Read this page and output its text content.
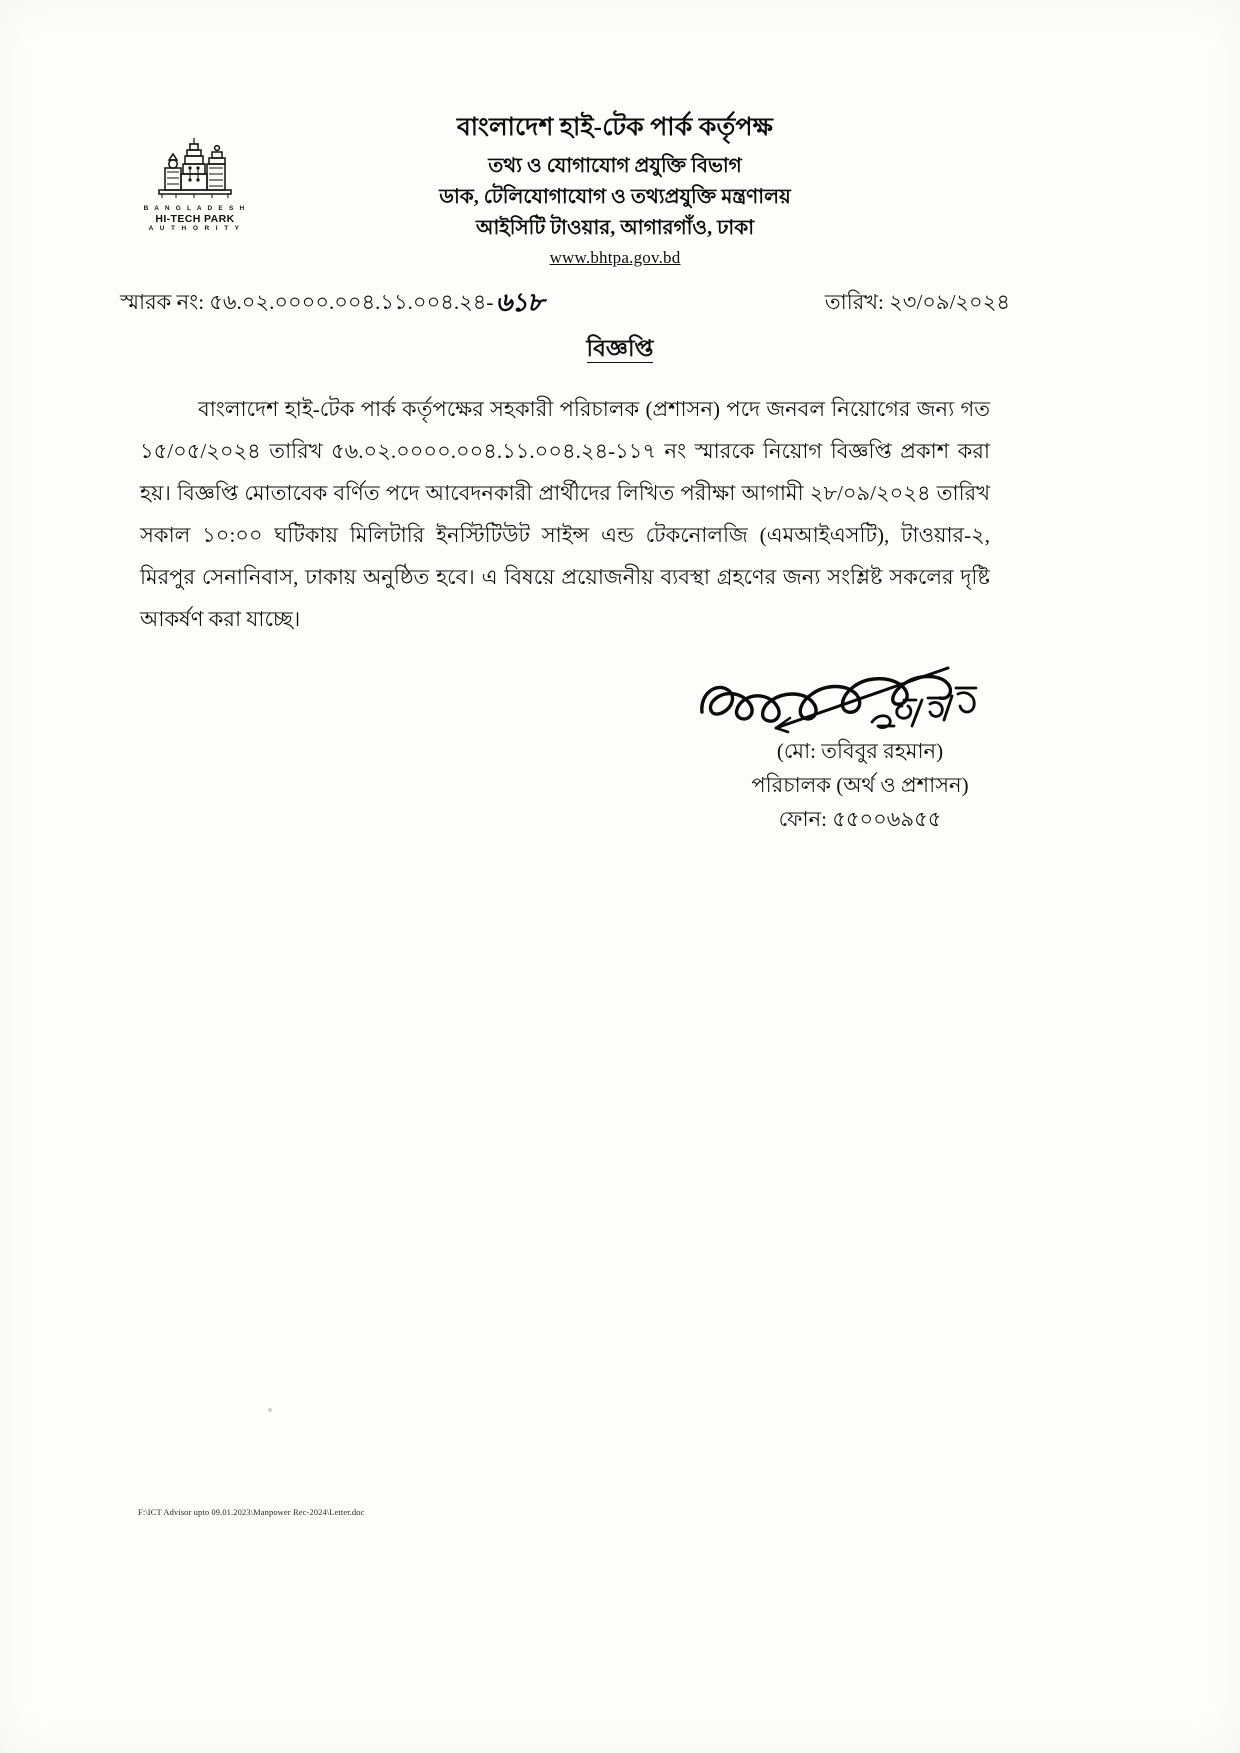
B A N G L A D E S H
HI-TECH PARK
A U T H O R I T Y
বাংলাদেশ হাই-টেক পার্ক কর্তৃপক্ষ
তথ্য ও যোগাযোগ প্রযুক্তি বিভাগ
ডাক, টেলিযোগাযোগ ও তথ্যপ্রযুক্তি মন্ত্রণালয়
আইসিটি টাওয়ার, আগারগাঁও, ঢাকা
www.bhtpa.gov.bd
স্মারক নং: ৫৬.০২.০০০০.০০৪.১১.০০৪.২৪-৬১৮	তারিখ: ২৩/০৯/২০২৪
বিজ্ঞপ্তি
বাংলাদেশ হাই-টেক পার্ক কর্তৃপক্ষের সহকারী পরিচালক (প্রশাসন) পদে জনবল নিয়োগের জন্য গত ১৫/০৫/২০২৪ তারিখ ৫৬.০২.০০০০.০০৪.১১.০০৪.২৪-১১৭ নং স্মারকে নিয়োগ বিজ্ঞপ্তি প্রকাশ করা হয়। বিজ্ঞপ্তি মোতাবেক বর্ণিত পদে আবেদনকারী প্রার্থীদের লিখিত পরীক্ষা আগামী ২৮/০৯/২০২৪ তারিখ সকাল ১০:০০ ঘটিকায় মিলিটারি ইনস্টিটিউট সাইন্স এন্ড টেকনোলজি (এমআইএসটি), টাওয়ার-২, মিরপুর সেনানিবাস, ঢাকায় অনুষ্ঠিত হবে। এ বিষয়ে প্রয়োজনীয় ব্যবস্থা গ্রহণের জন্য সংশ্লিষ্ট সকলের দৃষ্টি আকর্ষণ করা যাচ্ছে।
(মো: তবিবুর রহমান)
পরিচালক (অর্থ ও প্রশাসন)
ফোন: ৫৫০০৬৯৫৫
F:\ICT Advisor upto 09.01.2023\Manpower Rec-2024\Letter.doc
